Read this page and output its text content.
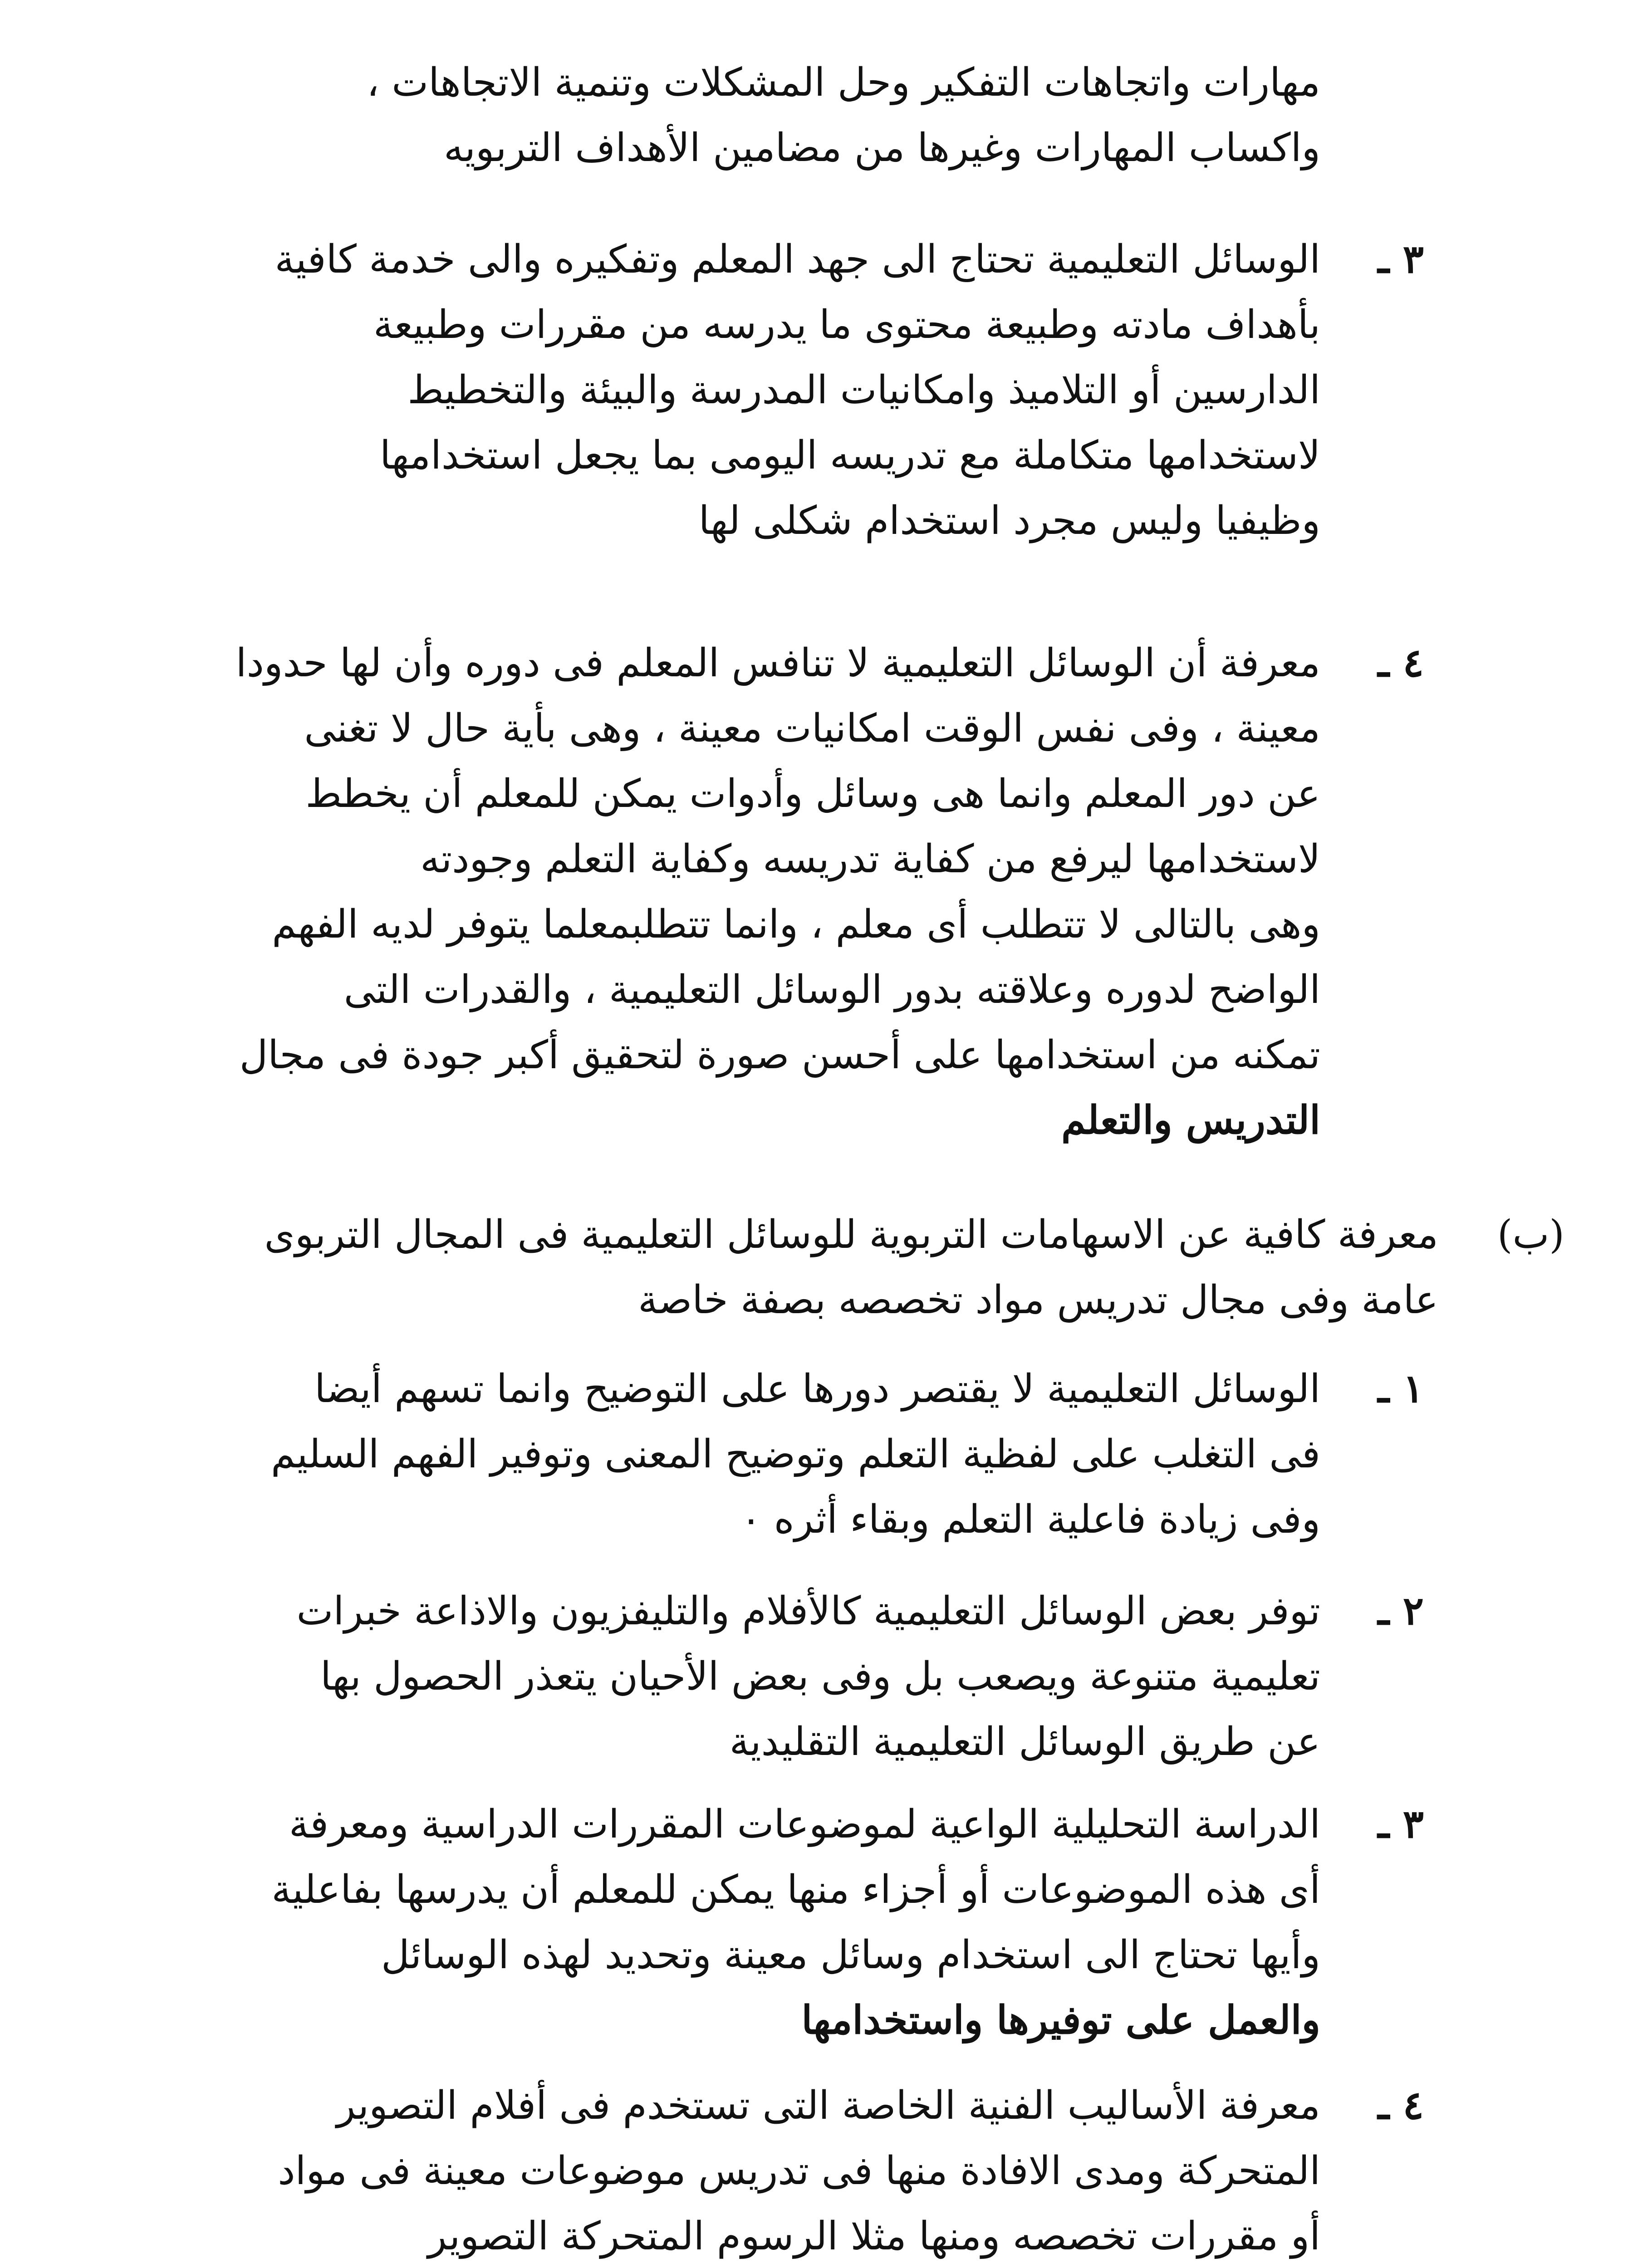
مهارات واتجاهات التفكير وحل المشكلات وتنمية الاتجاهات ،
واكساب المهارات وغيرها من مضامين الأهداف التربويه
٣ ـ
الوسائل التعليمية تحتاج الى جهد المعلم وتفكيره والى خدمة كافية
بأهداف مادته وطبيعة محتوى ما يدرسه من مقررات وطبيعة
الدارسين أو التلاميذ وامكانيات المدرسة والبيئة والتخطيط
لاستخدامها متكاملة مع تدريسه اليومى بما يجعل استخدامها
وظيفيا وليس مجرد استخدام شكلى لها
٤ ـ
معرفة أن الوسائل التعليمية لا تنافس المعلم فى دوره وأن لها حدودا
معينة ، وفى نفس الوقت امكانيات معينة ، وهى بأية حال لا تغنى
عن دور المعلم وانما هى وسائل وأدوات يمكن للمعلم أن يخطط
لاستخدامها ليرفع من كفاية تدريسه وكفاية التعلم وجودته
وهى بالتالى لا تتطلب أى معلم ، وانما تتطلبمعلما يتوفر لديه الفهم
الواضح لدوره وعلاقته بدور الوسائل التعليمية ، والقدرات التى
تمكنه من استخدامها على أحسن صورة لتحقيق أكبر جودة فى مجال
التدريس والتعلم
(ب)
معرفة كافية عن الاسهامات التربوية للوسائل التعليمية فى المجال التربوى
عامة وفى مجال تدريس مواد تخصصه بصفة خاصة
١ ـ
الوسائل التعليمية لا يقتصر دورها على التوضيح وانما تسهم أيضا
فى التغلب على لفظية التعلم وتوضيح المعنى وتوفير الفهم السليم
وفى زيادة فاعلية التعلم وبقاء أثره ٠
٢ ـ
توفر بعض الوسائل التعليمية كالأفلام والتليفزيون والاذاعة خبرات
تعليمية متنوعة ويصعب بل وفى بعض الأحيان يتعذر الحصول بها
عن طريق الوسائل التعليمية التقليدية
٣ ـ
الدراسة التحليلية الواعية لموضوعات المقررات الدراسية ومعرفة
أى هذه الموضوعات أو أجزاء منها يمكن للمعلم أن يدرسها بفاعلية
وأيها تحتاج الى استخدام وسائل معينة وتحديد لهذه الوسائل
والعمل على توفيرها واستخدامها
٤ ـ
معرفة الأساليب الفنية الخاصة التى تستخدم فى أفلام التصوير
المتحركة ومدى الافادة منها فى تدريس موضوعات معينة فى مواد
أو مقررات تخصصه ومنها مثلا الرسوم المتحركة التصوير
